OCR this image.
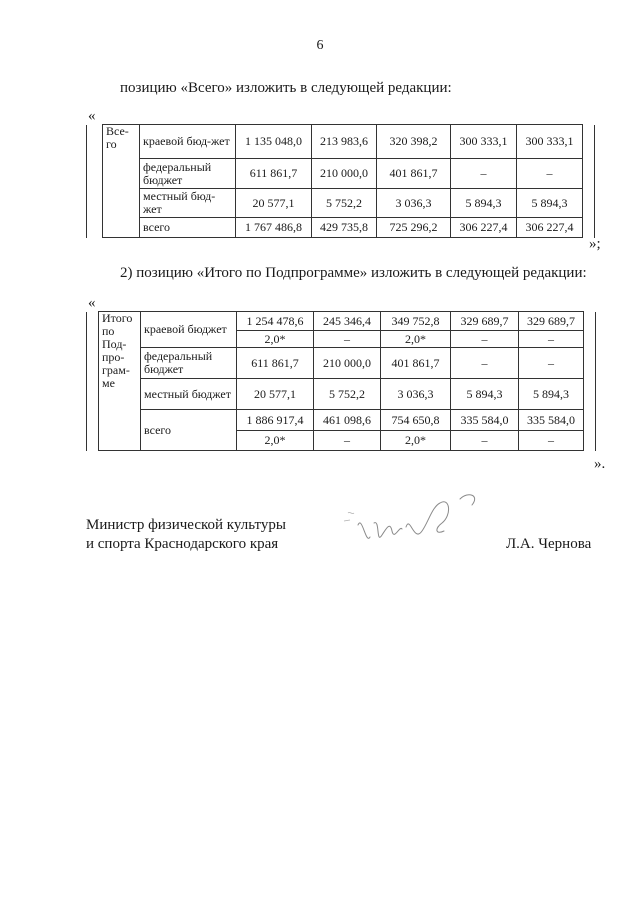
6
позицию «Всего» изложить в следующей редакции:
«
	Все-го	краевой бюд-жет	1 135 048,0	213 983,6	320 398,2	300 333,1	300 333,1	
		федеральный бюджет	611 861,7	210 000,0	401 861,7	–	–	
		местный бюд-жет	20 577,1	5 752,2	3 036,3	5 894,3	5 894,3	
		всего	1 767 486,8	429 735,8	725 296,2	306 227,4	306 227,4	
»;
2) позицию «Итого по Подпрограмме» изложить в следующей редакции:
«
	Итого по Под-про-грам-ме	краевой бюджет	1 254 478,6	245 346,4	349 752,8	329 689,7	329 689,7	
			2,0*	–	2,0*	–	–	
		федеральный бюджет	611 861,7	210 000,0	401 861,7	–	–	
		местный бюджет	20 577,1	5 752,2	3 036,3	5 894,3	5 894,3	
		всего	1 886 917,4	461 098,6	754 650,8	335 584,0	335 584,0	
			2,0*	–	2,0*	–	–	
».
Министр физической культуры
и спорта Краснодарского края	Л.А. Чернова
